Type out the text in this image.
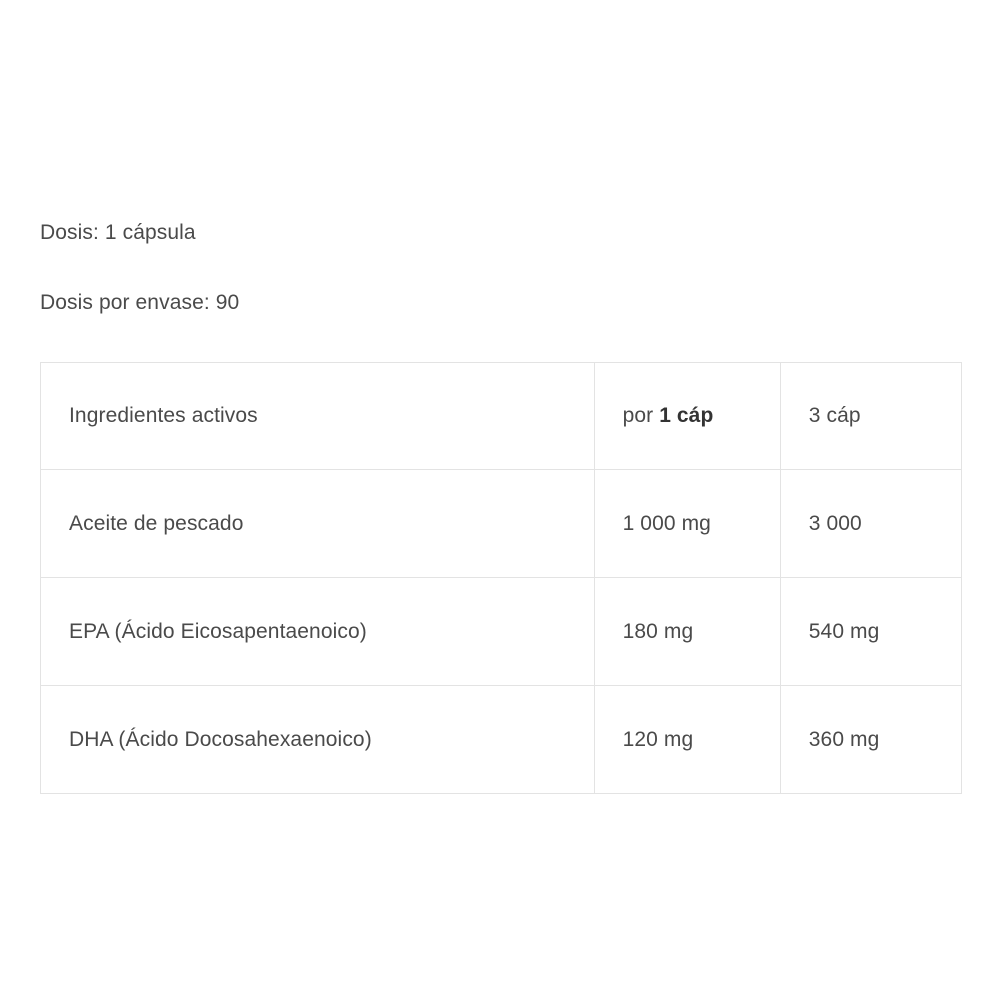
Dosis: 1 cápsula
Dosis por envase: 90
Ingredientes activos	por 1 cáp	3 cáp
Aceite de pescado	1 000 mg	3 000
EPA (Ácido Eicosapentaenoico)	180 mg	540 mg
DHA (Ácido Docosahexaenoico)	120 mg	360 mg
